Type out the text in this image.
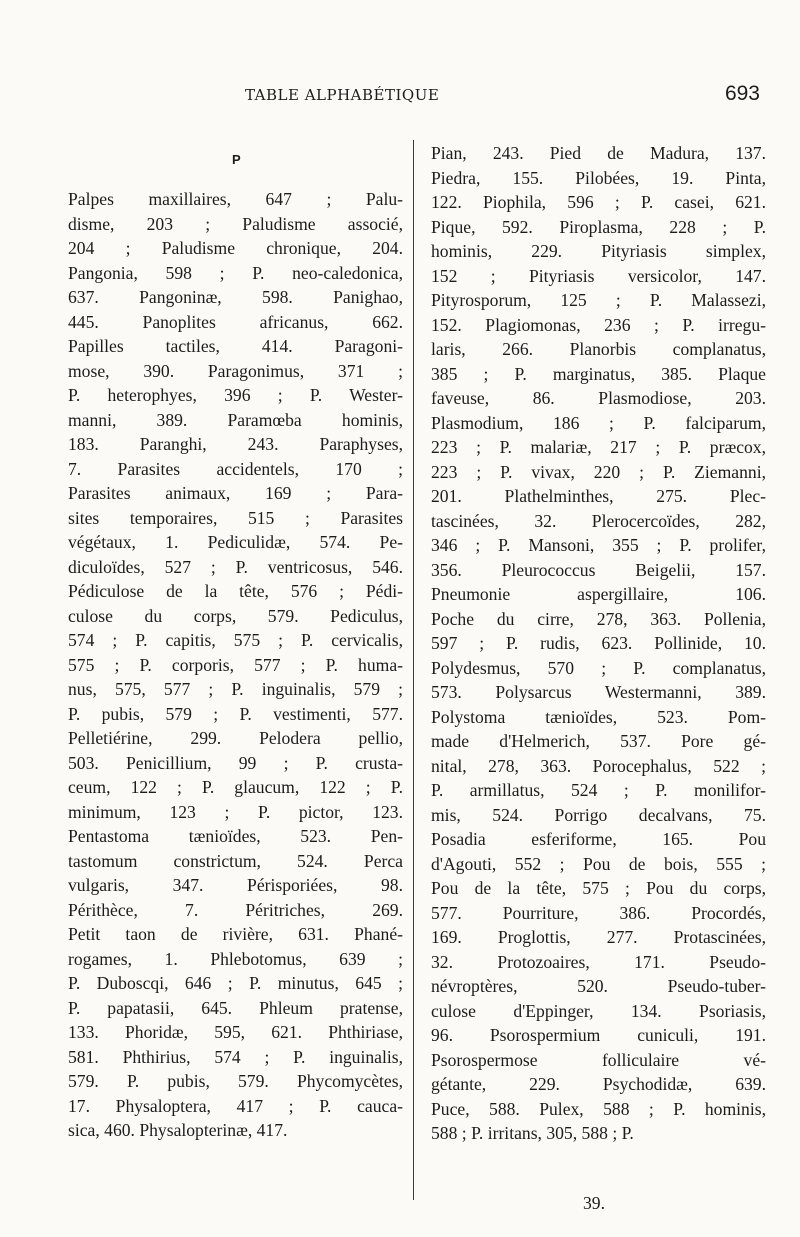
TABLE ALPHABÉTIQUE	693
P
Palpes maxillaires, 647 ; Palu-
disme, 203 ; Paludisme associé,
204 ; Paludisme chronique, 204.
Pangonia, 598 ; P. neo-caledonica,
637. Pangoninæ, 598. Panighao,
445. Panoplites africanus, 662.
Papilles tactiles, 414. Paragoni-
mose, 390. Paragonimus, 371 ;
P. heterophyes, 396 ; P. Wester-
manni, 389. Paramœba hominis,
183. Paranghi, 243. Paraphyses,
7. Parasites accidentels, 170 ;
Parasites animaux, 169 ; Para-
sites temporaires, 515 ; Parasites
végétaux, 1. Pediculidæ, 574. Pe-
diculoïdes, 527 ; P. ventricosus, 546.
Pédiculose de la tête, 576 ; Pédi-
culose du corps, 579. Pediculus,
574 ; P. capitis, 575 ; P. cervicalis,
575 ; P. corporis, 577 ; P. huma-
nus, 575, 577 ; P. inguinalis, 579 ;
P. pubis, 579 ; P. vestimenti, 577.
Pelletiérine, 299. Pelodera pellio,
503. Penicillium, 99 ; P. crusta-
ceum, 122 ; P. glaucum, 122 ; P.
minimum, 123 ; P. pictor, 123.
Pentastoma tænioïdes, 523. Pen-
tastomum constrictum, 524. Perca
vulgaris, 347. Périsporiées, 98.
Périthèce, 7. Péritriches, 269.
Petit taon de rivière, 631. Phané-
rogames, 1. Phlebotomus, 639 ;
P. Duboscqi, 646 ; P. minutus, 645 ;
P. papatasii, 645. Phleum pratense,
133. Phoridæ, 595, 621. Phthiriase,
581. Phthirius, 574 ; P. inguinalis,
579. P. pubis, 579. Phycomycètes,
17. Physaloptera, 417 ; P. cauca-
sica, 460. Physalopterinæ, 417.
Pian, 243. Pied de Madura, 137.
Piedra, 155. Pilobées, 19. Pinta,
122. Piophila, 596 ; P. casei, 621.
Pique, 592. Piroplasma, 228 ; P.
hominis, 229. Pityriasis simplex,
152 ; Pityriasis versicolor, 147.
Pityrosporum, 125 ; P. Malassezi,
152. Plagiomonas, 236 ; P. irregu-
laris, 266. Planorbis complanatus,
385 ; P. marginatus, 385. Plaque
faveuse, 86. Plasmodiose, 203.
Plasmodium, 186 ; P. falciparum,
223 ; P. malariæ, 217 ; P. præcox,
223 ; P. vivax, 220 ; P. Ziemanni,
201. Plathelminthes, 275. Plec-
tascinées, 32. Plerocercoïdes, 282,
346 ; P. Mansoni, 355 ; P. prolifer,
356. Pleurococcus Beigelii, 157.
Pneumonie aspergillaire, 106.
Poche du cirre, 278, 363. Pollenia,
597 ; P. rudis, 623. Pollinide, 10.
Polydesmus, 570 ; P. complanatus,
573. Polysarcus Westermanni, 389.
Polystoma tænioïdes, 523. Pom-
made d'Helmerich, 537. Pore gé-
nital, 278, 363. Porocephalus, 522 ;
P. armillatus, 524 ; P. monilifor-
mis, 524. Porrigo decalvans, 75.
Posadia esferiforme, 165. Pou
d'Agouti, 552 ; Pou de bois, 555 ;
Pou de la tête, 575 ; Pou du corps,
577. Pourriture, 386. Procordés,
169. Proglottis, 277. Protascinées,
32. Protozoaires, 171. Pseudo-
névroptères, 520. Pseudo-tuber-
culose d'Eppinger, 134. Psoriasis,
96. Psorospermium cuniculi, 191.
Psorospermose folliculaire vé-
gétante, 229. Psychodidæ, 639.
Puce, 588. Pulex, 588 ; P. hominis,
588 ; P. irritans, 305, 588 ; P.
39.
